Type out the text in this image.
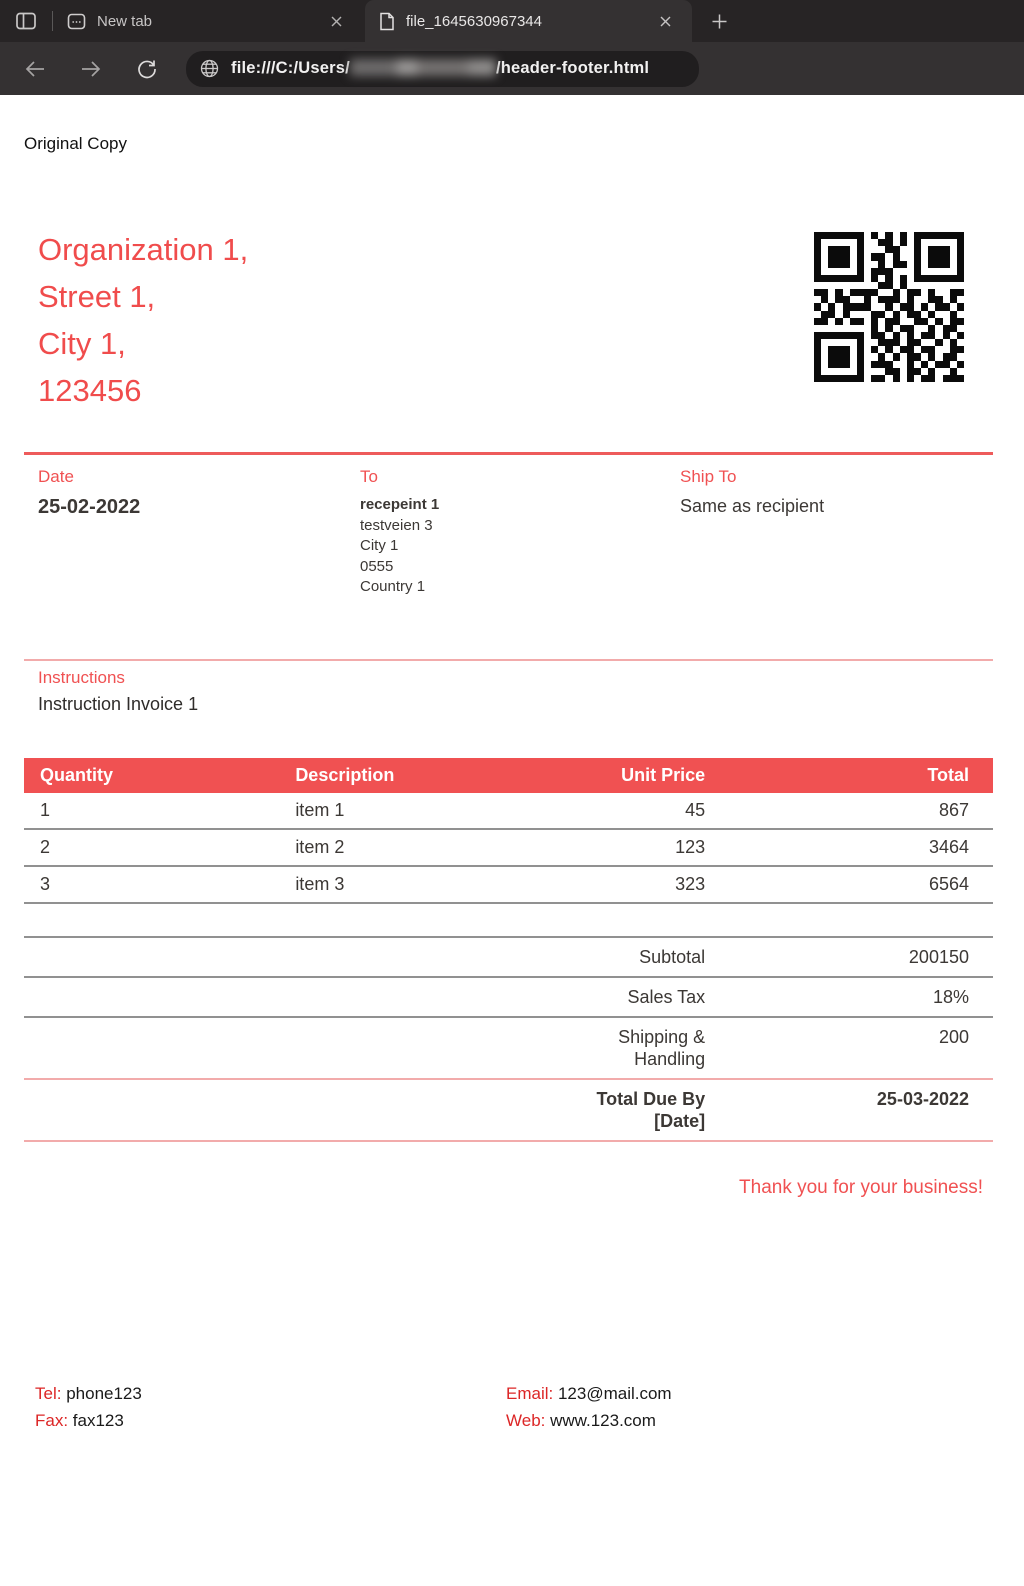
New tab	file_1645630967344
file:///C:/Users/	/header-footer.html
Original Copy
Organization 1,
Street 1,
City 1,
123456
Date
25-02-2022
To
recepeint 1
testveien 3
City 1
0555
Country 1
Ship To
Same as recipient
Instructions
Instruction Invoice 1
Quantity	Description	Unit Price	Total
1	item 1	45	867
2	item 2	123	3464
3	item 3	323	6564

		Subtotal	200150
		Sales Tax	18%
		Shipping & Handling	200
		Total Due By [Date]	25-03-2022
Thank you for your business!
Tel: phone123
Fax: fax123
Email: 123@mail.com
Web: www.123.com
